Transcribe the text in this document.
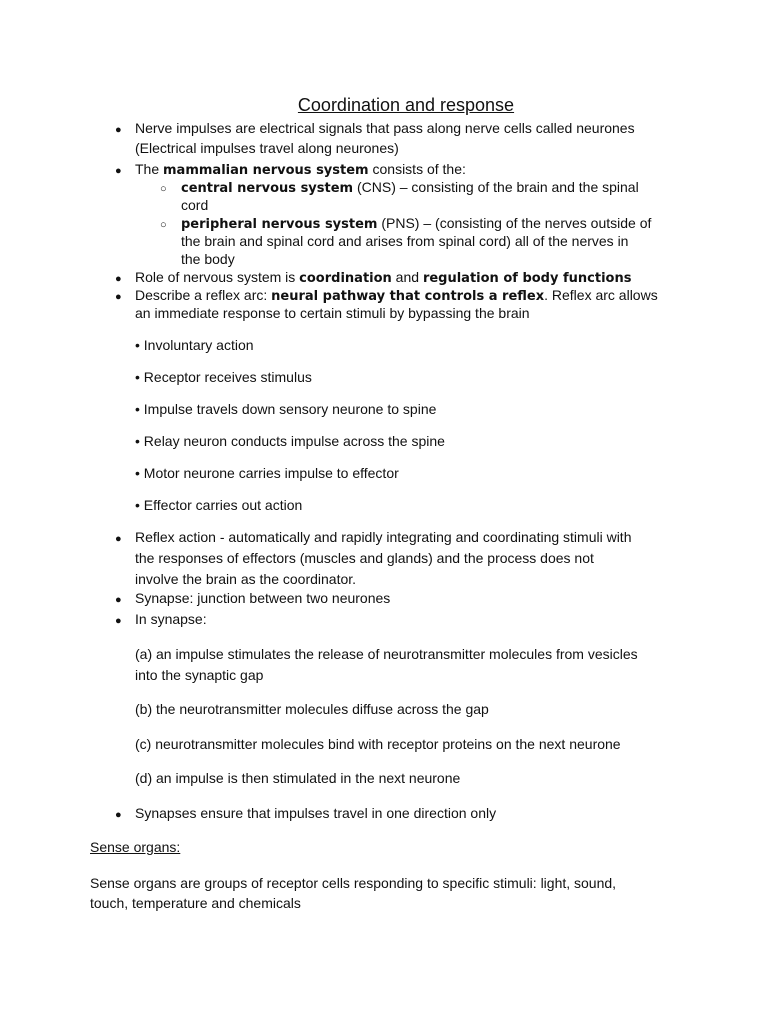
Coordination and response
● Nerve impulses are electrical signals that pass along nerve cells called neurones
(Electrical impulses travel along neurones)
● The mammalian nervous system consists of the:
○ central nervous system (CNS) – consisting of the brain and the spinal
cord
○ peripheral nervous system (PNS) – (consisting of the nerves outside of
the brain and spinal cord and arises from spinal cord) all of the nerves in
the body
● Role of nervous system is coordination and regulation of body functions
● Describe a reflex arc: neural pathway that controls a reflex. Reflex arc allows
an immediate response to certain stimuli by bypassing the brain
• Involuntary action
• Receptor receives stimulus
• Impulse travels down sensory neurone to spine
• Relay neuron conducts impulse across the spine
• Motor neurone carries impulse to effector
• Effector carries out action
● Reflex action - automatically and rapidly integrating and coordinating stimuli with
the responses of effectors (muscles and glands) and the process does not
involve the brain as the coordinator.
● Synapse: junction between two neurones
● In synapse:
(a) an impulse stimulates the release of neurotransmitter molecules from vesicles
into the synaptic gap
(b) the neurotransmitter molecules diffuse across the gap
(c) neurotransmitter molecules bind with receptor proteins on the next neurone
(d) an impulse is then stimulated in the next neurone
● Synapses ensure that impulses travel in one direction only
Sense organs:
Sense organs are groups of receptor cells responding to specific stimuli: light, sound,
touch, temperature and chemicals
